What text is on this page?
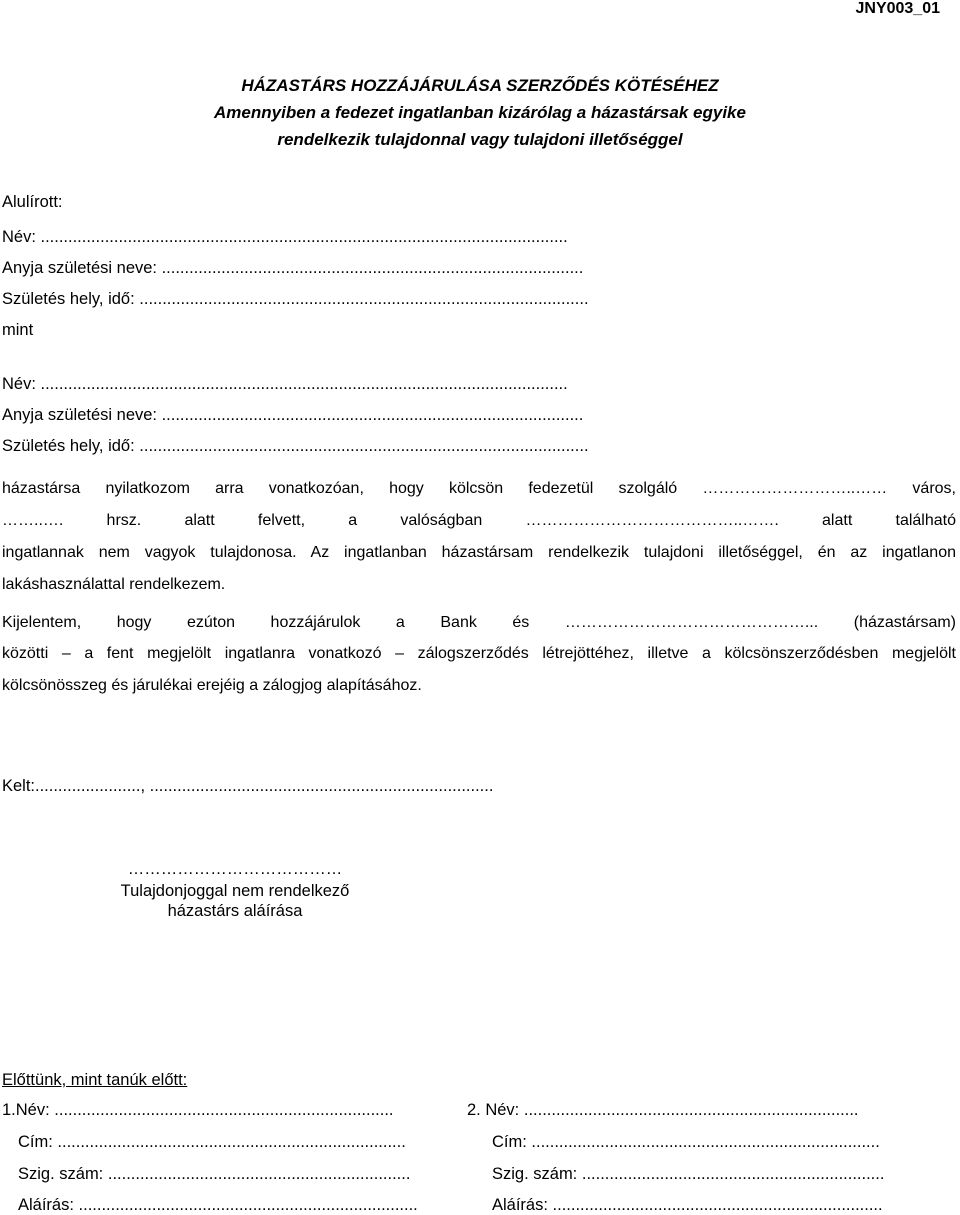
JNY003_01
HÁZASTÁRS HOZZÁJÁRULÁSA SZERZŐDÉS KÖTÉSÉHEZ
Amennyiben a fedezet ingatlanban kizárólag a házastársak egyike
rendelkezik tulajdonnal vagy tulajdoni illetőséggel
Alulírott:
Név: ...................................................................................................................
Anyja születési neve: ............................................................................................
Születés hely, idő: ..................................................................................................
mint
Név: ...................................................................................................................
Anyja születési neve: ............................................................................................
Születés hely, idő: ..................................................................................................
házastársa nyilatkozom arra vonatkozóan, hogy kölcsön fedezetül szolgáló ………………………..…… város,
……..…. hrsz. alatt felvett, a valóságban …………………………………..……. alatt található
ingatlannak nem vagyok tulajdonosa. Az ingatlanban házastársam rendelkezik tulajdoni illetőséggel, én az ingatlanon
lakáshasználattal rendelkezem.
Kijelentem, hogy ezúton hozzájárulok a Bank és ………………………………………... (házastársam)
közötti – a fent megjelölt ingatlanra vonatkozó – zálogszerződés létrejöttéhez, illetve a kölcsönszerződésben megjelölt
kölcsönösszeg és járulékai erejéig a zálogjog alapításához.
Kelt:......................., ...........................................................................
…………………………………
Tulajdonjoggal nem rendelkező
házastárs aláírása
Előttünk, mint tanúk előtt:
1.Név: ..........................................................................
Cím: ............................................................................
Szig. szám: ..................................................................
Aláírás: ..........................................................................
2. Név: .........................................................................
Cím: ............................................................................
Szig. szám: ..................................................................
Aláírás: ........................................................................
